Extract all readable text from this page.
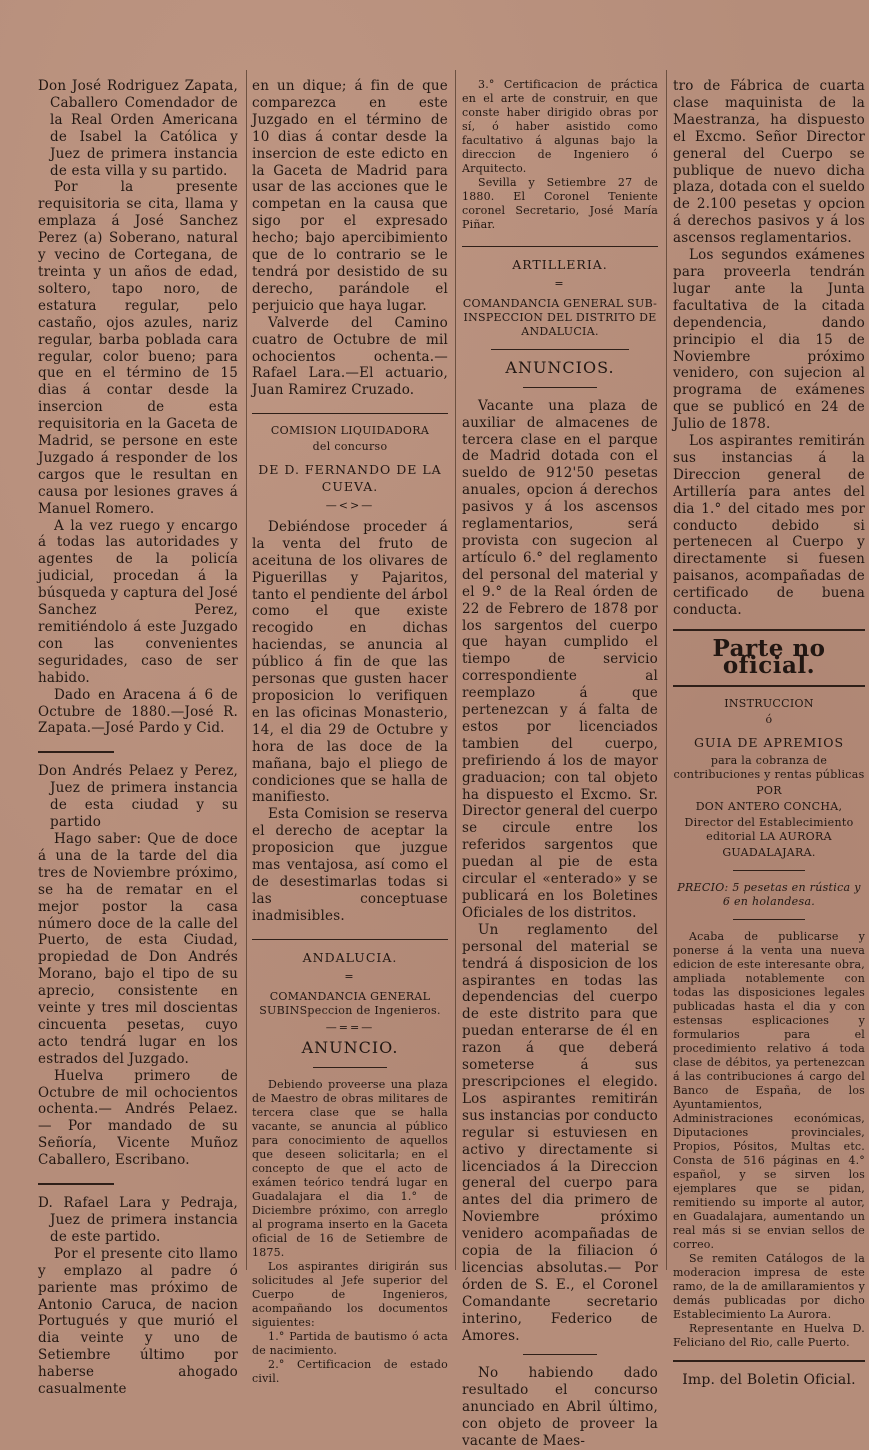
Don José Rodriguez Zapata, Caballero Comendador de la Real Orden Americana de Isabel la Católica y Juez de primera instancia de esta villa y su partido.

Por la presente requisitoria se cita, llama y emplaza á José Sanchez Perez (a) Soberano, natural y vecino de Cortegana, de treinta y un años de edad, soltero, tapo noro, de estatura regular, pelo castaño, ojos azules, nariz regular, barba poblada cara regular, color bueno; para que en el término de 15 dias á contar desde la insercion de esta requisitoria en la Gaceta de Madrid, se persone en este Juzgado á responder de los cargos que le resultan en causa por lesiones graves á Manuel Romero.

A la vez ruego y encargo á todas las autoridades y agentes de la policía judicial, procedan á la búsqueda y captura del José Sanchez Perez, remitiéndolo á este Juzgado con las convenientes seguridades, caso de ser habido.

Dado en Aracena á 6 de Octubre de 1880.—José R. Zapata.—José Pardo y Cid.

Don Andrés Pelaez y Perez, Juez de primera instancia de esta ciudad y su partido

Hago saber: Que de doce á una de la tarde del dia tres de Noviembre próximo, se ha de rematar en el mejor postor la casa número doce de la calle del Puerto, de esta Ciudad, propiedad de Don Andrés Morano, bajo el tipo de su aprecio, consistente en veinte y tres mil doscientas cincuenta pesetas, cuyo acto tendrá lugar en los estrados del Juzgado.

Huelva primero de Octubre de mil ochocientos ochenta.— Andrés Pelaez. — Por mandado de su Señoría, Vicente Muñoz Caballero, Escribano.

D. Rafael Lara y Pedraja, Juez de primera instancia de este partido.

Por el presente cito llamo y emplazo al padre ó pariente mas próximo de Antonio Caruca, de nacion Portugués y que murió el dia veinte y uno de Setiembre último por haberse ahogado casualmente

en un dique; á fin de que comparezca en este Juzgado en el término de 10 dias á contar desde la insercion de este edicto en la Gaceta de Madrid para usar de las acciones que le competan en la causa que sigo por el expresado hecho; bajo apercibimiento que de lo contrario se le tendrá por desistido de su derecho, parándole el perjuicio que haya lugar.

Valverde del Camino cuatro de Octubre de mil ochocientos ochenta.—Rafael Lara.—El actuario, Juan Ramirez Cruzado.

COMISION LIQUIDADORA
del concurso
DE D. FERNANDO DE LA CUEVA.
—<>—

Debiéndose proceder á la venta del fruto de aceituna de los olivares de Piguerillas y Pajaritos, tanto el pendiente del árbol como el que existe recogido en dichas haciendas, se anuncia al público á fin de que las personas que gusten hacer proposicion lo verifiquen en las oficinas Monasterio, 14, el dia 29 de Octubre y hora de las doce de la mañana, bajo el pliego de condiciones que se halla de manifiesto.

Esta Comision se reserva el derecho de aceptar la proposicion que juzgue mas ventajosa, así como el de desestimarlas todas si las conceptuase inadmisibles.

ANDALUCIA.
=
COMANDANCIA GENERAL SUBINSpeccion de Ingenieros.
—==—
ANUNCIO.

Debiendo proveerse una plaza de Maestro de obras militares de tercera clase que se halla vacante, se anuncia al público para conocimiento de aquellos que deseen solicitarla; en el concepto de que el acto de exámen teórico tendrá lugar en Guadalajara el dia 1.° de Diciembre próximo, con arreglo al programa inserto en la Gaceta oficial de 16 de Setiembre de 1875.

Los aspirantes dirigirán sus solicitudes al Jefe superior del Cuerpo de Ingenieros, acompañando los documentos siguientes:

1.° Partida de bautismo ó acta de nacimiento.

2.° Certificacion de estado civil.

3.° Certificacion de práctica en el arte de construir, en que conste haber dirigido obras por sí, ó haber asistido como facultativo á algunas bajo la direccion de Ingeniero ó Arquitecto.

Sevilla y Setiembre 27 de 1880. El Coronel Teniente coronel Secretario, José María Piñar.

ARTILLERIA.
=
COMANDANCIA GENERAL SUB-INSPECCION DEL DISTRITO DE ANDALUCIA.
ANUNCIOS.

Vacante una plaza de auxiliar de almacenes de tercera clase en el parque de Madrid dotada con el sueldo de 912'50 pesetas anuales, opcion á derechos pasivos y á los ascensos reglamentarios, será provista con sugecion al artículo 6.° del reglamento del personal del material y el 9.° de la Real órden de 22 de Febrero de 1878 por los sargentos del cuerpo que hayan cumplido el tiempo de servicio correspondiente al reemplazo á que pertenezcan y á falta de estos por licenciados tambien del cuerpo, prefiriendo á los de mayor graduacion; con tal objeto ha dispuesto el Excmo. Sr. Director general del cuerpo se circule entre los referidos sargentos que puedan al pie de esta circular el «enterado» y se publicará en los Boletines Oficiales de los distritos.

Un reglamento del personal del material se tendrá á disposicion de los aspirantes en todas las dependencias del cuerpo de este distrito para que puedan enterarse de él en razon á que deberá someterse á sus prescripciones el elegido. Los aspirantes remitirán sus instancias por conducto regular si estuviesen en activo y directamente si licenciados á la Direccion general del cuerpo para antes del dia primero de Noviembre próximo venidero acompañadas de copia de la filiacion ó licencias absolutas.— Por órden de S. E., el Coronel Comandante secretario interino, Federico de Amores.

No habiendo dado resultado el concurso anunciado en Abril último, con objeto de proveer la vacante de Maes-

tro de Fábrica de cuarta clase maquinista de la Maestranza, ha dispuesto el Excmo. Señor Director general del Cuerpo se publique de nuevo dicha plaza, dotada con el sueldo de 2.100 pesetas y opcion á derechos pasivos y á los ascensos reglamentarios.

Los segundos exámenes para proveerla tendrán lugar ante la Junta facultativa de la citada dependencia, dando principio el dia 15 de Noviembre próximo venidero, con sujecion al programa de exámenes que se publicó en 24 de Julio de 1878.

Los aspirantes remitirán sus instancias á la Direccion general de Artillería para antes del dia 1.° del citado mes por conducto debido si pertenecen al Cuerpo y directamente si fuesen paisanos, acompañadas de certificado de buena conducta.

Parte no oficial.
INSTRUCCION
ó
GUIA DE APREMIOS
para la cobranza de contribuciones y rentas públicas
POR
DON ANTERO CONCHA,
Director del Establecimiento editorial LA AURORA
GUADALAJARA.
PRECIO: 5 pesetas en rústica y 6 en holandesa.

Acaba de publicarse y ponerse á la venta una nueva edicion de este interesante obra, ampliada notablemente con todas las disposiciones legales publicadas hasta el dia y con estensas esplicaciones y formularios para el procedimiento relativo á toda clase de débitos, ya pertenezcan á las contribuciones á cargo del Banco de España, de los Ayuntamientos, Administraciones económicas, Diputaciones provinciales, Propios, Pósitos, Multas etc. Consta de 516 páginas en 4.° español, y se sirven los ejemplares que se pidan, remitiendo su importe al autor, en Guadalajara, aumentando un real más si se envian sellos de correo.

Se remiten Catálogos de la moderacion impresa de este ramo, de la de amillaramientos y demás publicadas por dicho Establecimiento La Aurora.

Representante en Huelva D. Feliciano del Rio, calle Puerto.

Imp. del Boletin Oficial.
